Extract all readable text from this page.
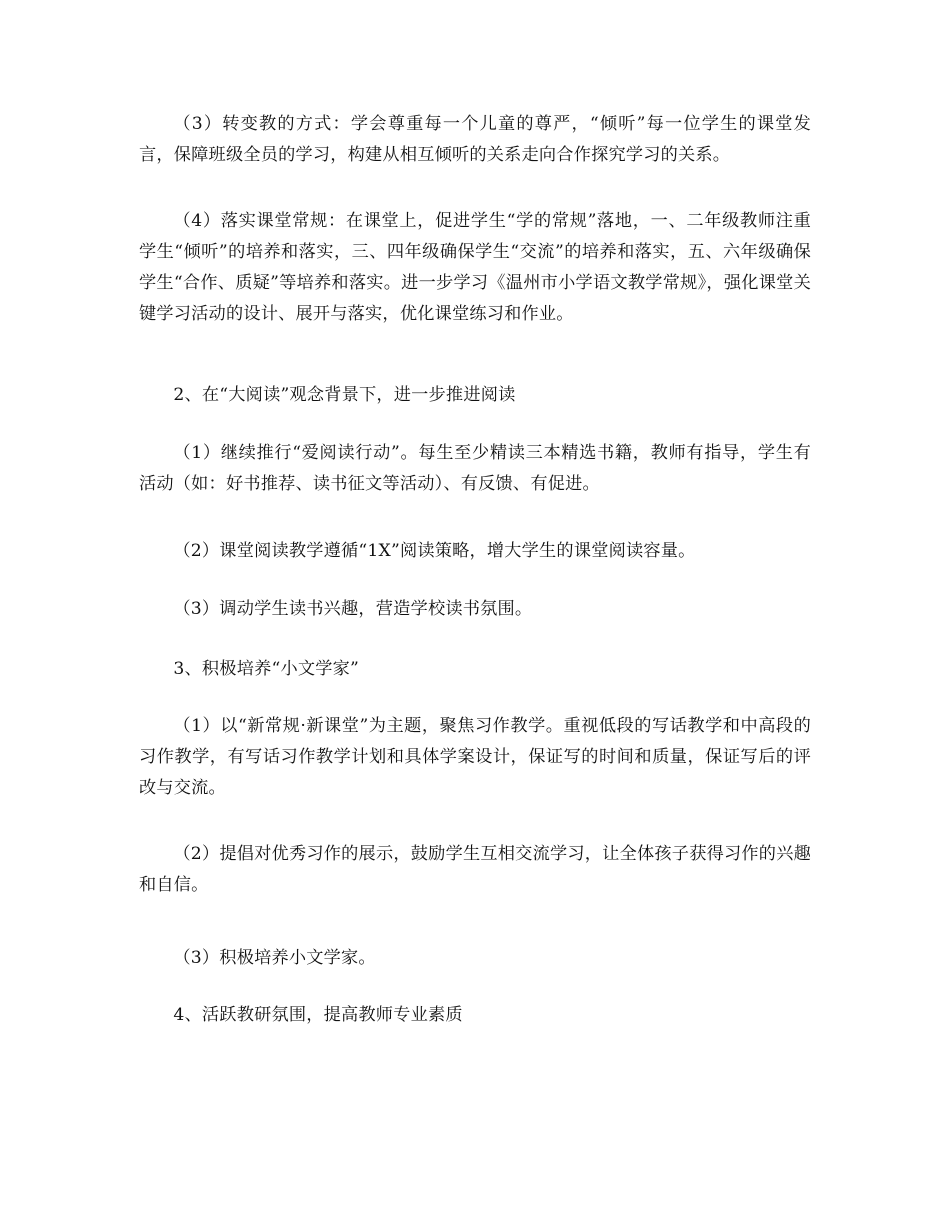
（3）转变教的方式：学会尊重每一个儿童的尊严，“倾听”每一位学生的课堂发言，保障班级全员的学习，构建从相互倾听的关系走向合作探究学习的关系。

（4）落实课堂常规：在课堂上，促进学生“学的常规”落地，一、二年级教师注重学生“倾听”的培养和落实，三、四年级确保学生“交流”的培养和落实，五、六年级确保学生“合作、质疑”等培养和落实。进一步学习《温州市小学语文教学常规》，强化课堂关键学习活动的设计、展开与落实，优化课堂练习和作业。

2、在“大阅读”观念背景下，进一步推进阅读

（1）继续推行“爱阅读行动”。每生至少精读三本精选书籍，教师有指导，学生有活动（如：好书推荐、读书征文等活动）、有反馈、有促进。

（2）课堂阅读教学遵循“1X”阅读策略，增大学生的课堂阅读容量。

（3）调动学生读书兴趣，营造学校读书氛围。

3、积极培养“小文学家”

（1）以“新常规·新课堂”为主题，聚焦习作教学。重视低段的写话教学和中高段的习作教学，有写话习作教学计划和具体学案设计，保证写的时间和质量，保证写后的评改与交流。

（2）提倡对优秀习作的展示，鼓励学生互相交流学习，让全体孩子获得习作的兴趣和自信。

（3）积极培养小文学家。

4、活跃教研氛围，提高教师专业素质
